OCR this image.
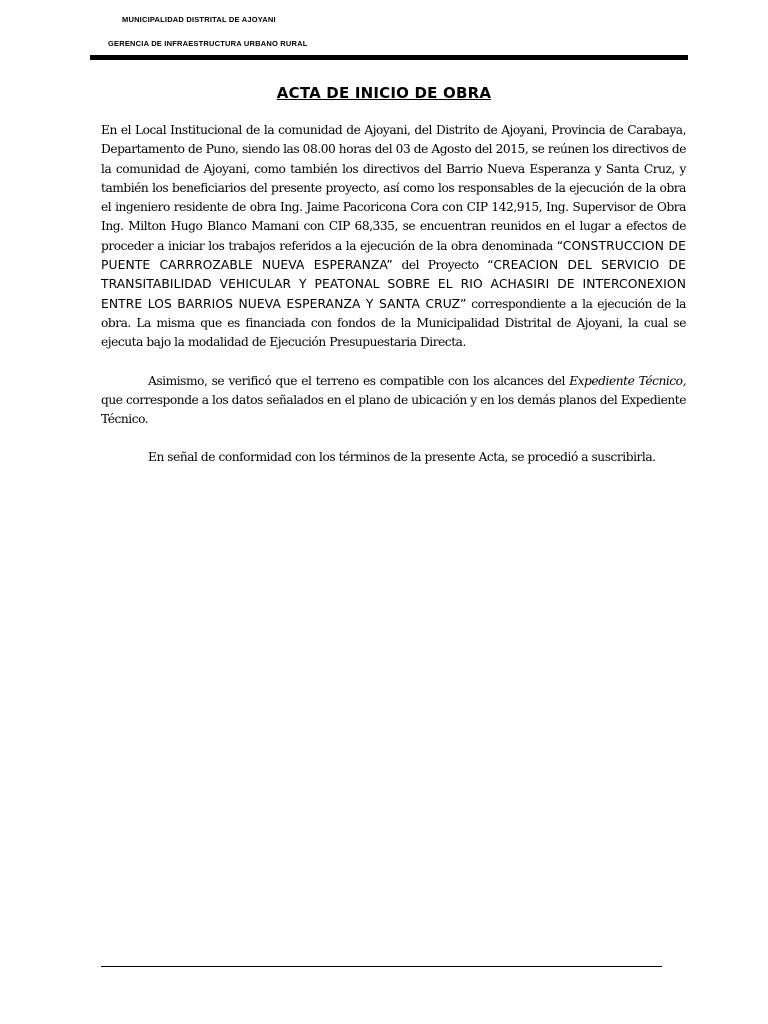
MUNICIPALIDAD DISTRITAL DE AJOYANI
GERENCIA DE INFRAESTRUCTURA URBANO RURAL
ACTA DE INICIO DE OBRA

En el Local Institucional de la comunidad de Ajoyani, del Distrito de Ajoyani, Provincia de Carabaya, Departamento de Puno, siendo las 08.00 horas del 03 de Agosto del 2015, se reúnen los directivos de la comunidad de Ajoyani, como también los directivos del Barrio Nueva Esperanza y Santa Cruz, y también los beneficiarios del presente proyecto, así como los responsables de la ejecución de la obra el ingeniero residente de obra Ing. Jaime Pacoricona Cora con CIP 142,915, Ing. Supervisor de Obra Ing. Milton Hugo Blanco Mamani con CIP 68,335, se encuentran reunidos en el lugar a efectos de proceder a iniciar los trabajos referidos a la ejecución de la obra denominada “CONSTRUCCION DE PUENTE CARRROZABLE NUEVA ESPERANZA” del Proyecto “CREACION DEL SERVICIO DE TRANSITABILIDAD VEHICULAR Y PEATONAL SOBRE EL RIO ACHASIRI DE INTERCONEXION ENTRE LOS BARRIOS NUEVA ESPERANZA Y SANTA CRUZ” correspondiente a la ejecución de la obra. La misma que es financiada con fondos de la Municipalidad Distrital de Ajoyani, la cual se ejecuta bajo la modalidad de Ejecución Presupuestaria Directa.

Asimismo, se verificó que el terreno es compatible con los alcances del Expediente Técnico, que corresponde a los datos señalados en el plano de ubicación y en los demás planos del Expediente Técnico.

En señal de conformidad con los términos de la presente Acta, se procedió a suscribirla.
